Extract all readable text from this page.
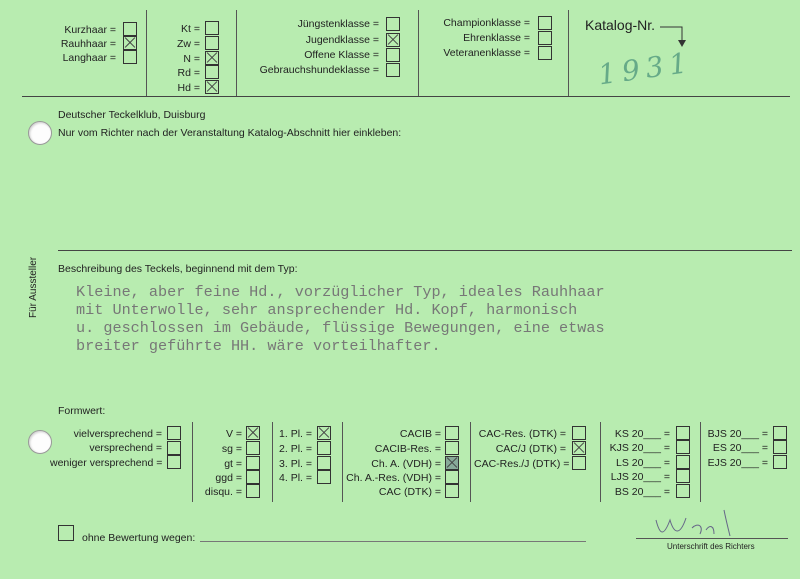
Kurzhaar =
Rauhhaar =
Langhaar =
Kt =
Zw =
N =
Rd =
Hd =
Jüngstenklasse =
Jugendklasse =
Offene Klasse =
Gebrauchshundeklasse =
Championklasse =
Ehrenklasse =
Veteranenklasse =
Katalog-Nr.
1931
Deutscher Teckelklub, Duisburg
Nur vom Richter nach der Veranstaltung Katalog-Abschnitt hier einkleben:
Für Aussteller Beschreibung des Teckels, beginnend mit dem Typ:
Kleine, aber feine Hd., vorzüglicher Typ, ideales Rauhhaar
mit Unterwolle, sehr ansprechender Hd. Kopf, harmonisch
u. geschlossen im Gebäude, flüssige Bewegungen, eine etwas
breiter geführte HH. wäre vorteilhafter.
Formwert:
vielversprechend =
versprechend =
weniger versprechend =
V =
sg =
gt =
ggd =
disqu. =
1. Pl. =
2. Pl. =
3. Pl. =
4. Pl. =
CACIB =
CACIB-Res. =
Ch. A. (VDH) =
Ch. A.-Res. (VDH) =
CAC (DTK) =
CAC-Res. (DTK) =
CAC/J (DTK) =
CAC-Res./J (DTK) =
KS 20___ =
KJS 20___ =
LS 20___ =
LJS 20___ =
BS 20___ =
BJS 20___ =
ES 20___ =
EJS 20___ =
ohne Bewertung wegen:
Unterschrift des Richters
